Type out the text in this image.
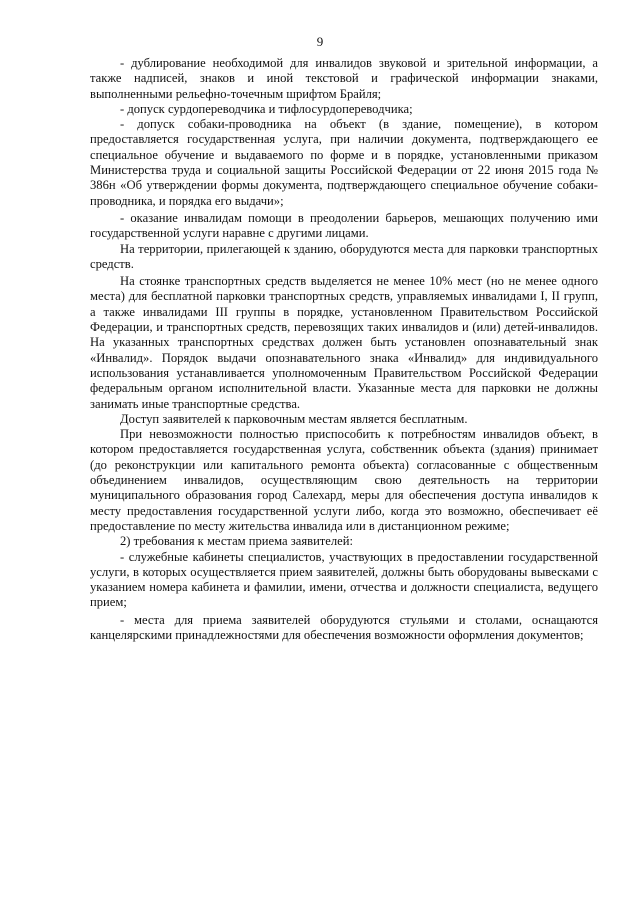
9

- дублирование необходимой для инвалидов звуковой и зрительной информации, а также надписей, знаков и иной текстовой и графической информации знаками, выполненными рельефно-точечным шрифтом Брайля;

- допуск сурдопереводчика и тифлосурдопереводчика;

- допуск собаки-проводника на объект (в здание, помещение), в котором предоставляется государственная услуга, при наличии документа, подтверждающего ее специальное обучение и выдаваемого по форме и в порядке, установленными приказом Министерства труда и социальной защиты Российской Федерации от 22 июня 2015 года № 386н «Об утверждении формы документа, подтверждающего специальное обучение собаки-проводника, и порядка его выдачи»;

- оказание инвалидам помощи в преодолении барьеров, мешающих получению ими государственной услуги наравне с другими лицами.

На территории, прилегающей к зданию, оборудуются места для парковки транспортных средств.

На стоянке транспортных средств выделяется не менее 10% мест (но не менее одного места) для бесплатной парковки транспортных средств, управляемых инвалидами I, II групп, а также инвалидами III группы в порядке, установленном Правительством Российской Федерации, и транспортных средств, перевозящих таких инвалидов и (или) детей-инвалидов. На указанных транспортных средствах должен быть установлен опознавательный знак «Инвалид». Порядок выдачи опознавательного знака «Инвалид» для индивидуального использования устанавливается уполномоченным Правительством Российской Федерации федеральным органом исполнительной власти. Указанные места для парковки не должны занимать иные транспортные средства.

Доступ заявителей к парковочным местам является бесплатным.

При невозможности полностью приспособить к потребностям инвалидов объект, в котором предоставляется государственная услуга, собственник объекта (здания) принимает (до реконструкции или капитального ремонта объекта) согласованные с общественным объединением инвалидов, осуществляющим свою деятельность на территории муниципального образования город Салехард, меры для обеспечения доступа инвалидов к месту предоставления государственной услуги либо, когда это возможно, обеспечивает её предоставление по месту жительства инвалида или в дистанционном режиме;

2) требования к местам приема заявителей:

- служебные кабинеты специалистов, участвующих в предоставлении государственной услуги, в которых осуществляется прием заявителей, должны быть оборудованы вывесками с указанием номера кабинета и фамилии, имени, отчества и должности специалиста, ведущего прием;

- места для приема заявителей оборудуются стульями и столами, оснащаются канцелярскими принадлежностями для обеспечения возможности оформления документов;
